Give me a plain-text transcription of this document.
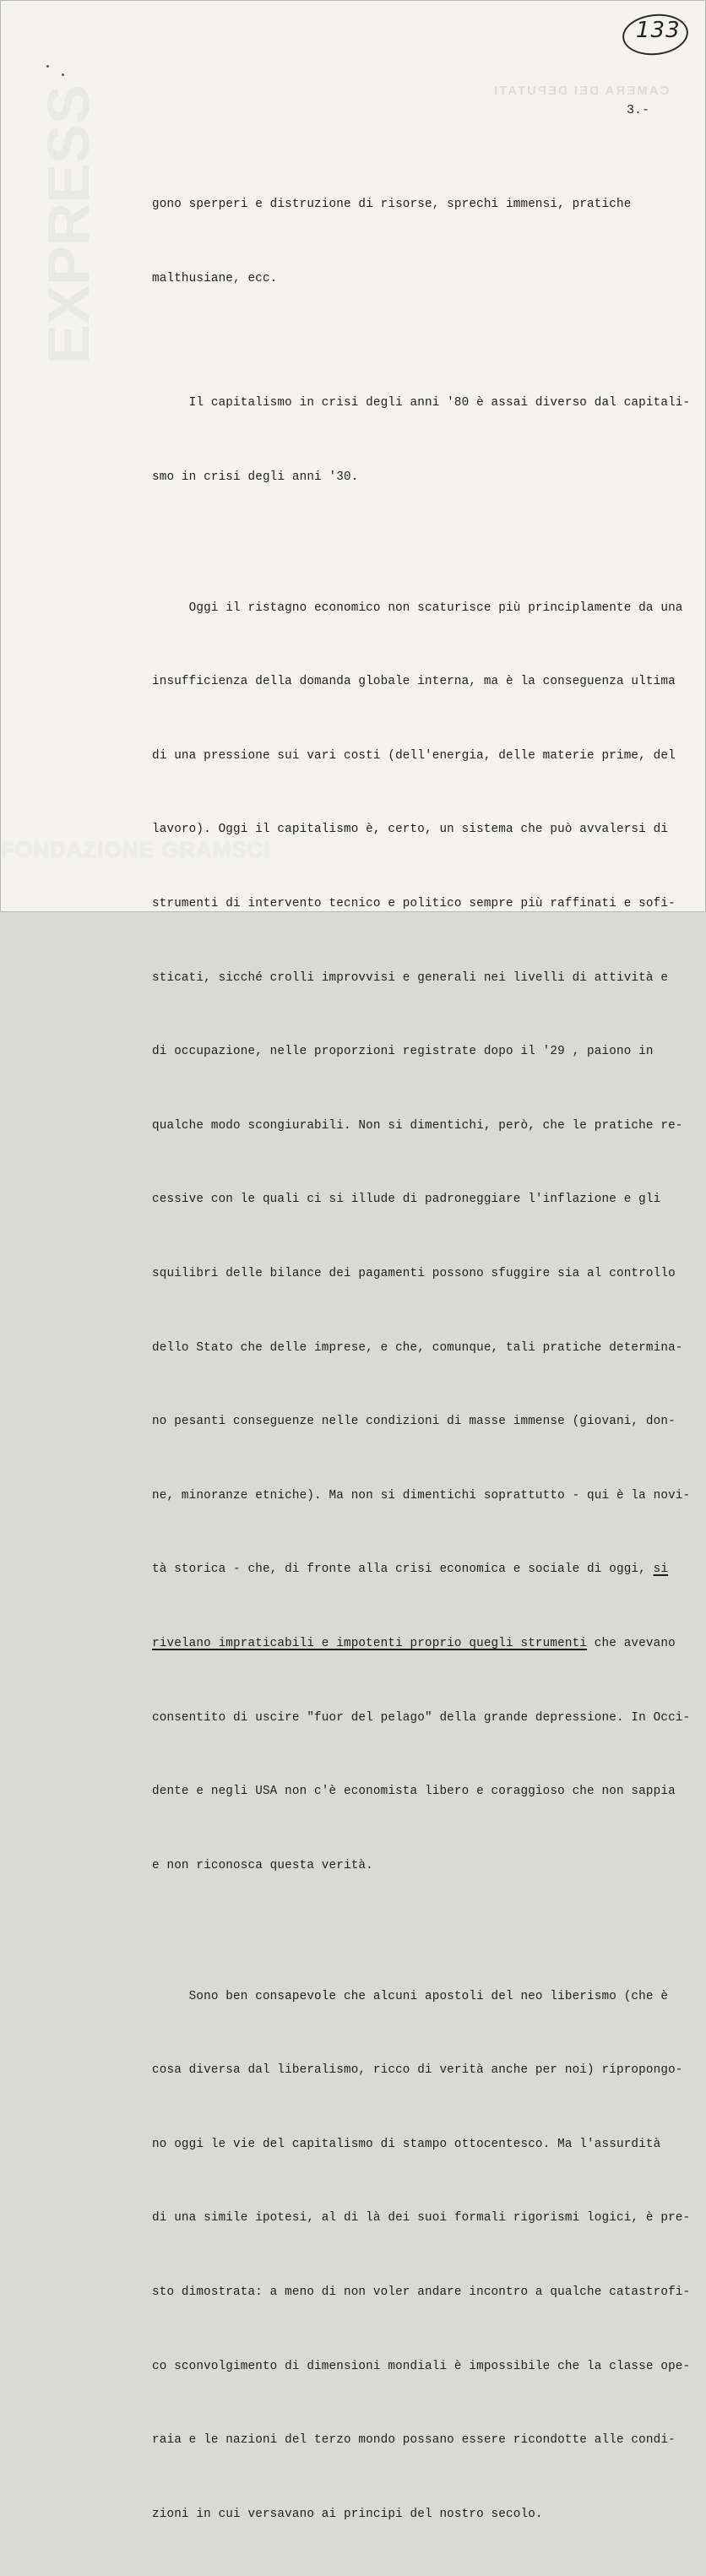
CAMERA DEI DEPUTATI
EXPRESS
FONDAZIONE GRAMSCI
133
3.-

gono sperperi e distruzione di risorse, sprechi immensi, pratiche

malthusiane, ecc.

Il capitalismo in crisi degli anni '80 è assai diverso dal capitali-

smo in crisi degli anni '30.

Oggi il ristagno economico non scaturisce più principlamente da una

insufficienza della domanda globale interna, ma è la conseguenza ultima

di una pressione sui vari costi (dell'energia, delle materie prime, del

lavoro). Oggi il capitalismo è, certo, un sistema che può avvalersi di

strumenti di intervento tecnico e politico sempre più raffinati e sofi-

sticati, sicché crolli improvvisi e generali nei livelli di attività e

di occupazione, nelle proporzioni registrate dopo il '29 , paiono in

qualche modo scongiurabili. Non si dimentichi, però, che le pratiche re-

cessive con le quali ci si illude di padroneggiare l'inflazione e gli

squilibri delle bilance dei pagamenti possono sfuggire sia al controllo

dello Stato che delle imprese, e che, comunque, tali pratiche determina-

no pesanti conseguenze nelle condizioni di masse immense (giovani, don-

ne, minoranze etniche). Ma non si dimentichi soprattutto - qui è la novi-

tà storica - che, di fronte alla crisi economica e sociale di oggi, si

rivelano impraticabili e impotenti proprio quegli strumenti che avevano

consentito di uscire "fuor del pelago" della grande depressione. In Occi-

dente e negli USA non c'è economista libero e coraggioso che non sappia

e non riconosca questa verità.

Sono ben consapevole che alcuni apostoli del neo liberismo (che è

cosa diversa dal liberalismo, ricco di verità anche per noi) ripropongo-

no oggi le vie del capitalismo di stampo ottocentesco. Ma l'assurdità

di una simile ipotesi, al di là dei suoi formali rigorismi logici, è pre-

sto dimostrata: a meno di non voler andare incontro a qualche catastrofi-

co sconvolgimento di dimensioni mondiali è impossibile che la classe ope-

raia e le nazioni del terzo mondo possano essere ricondotte alle condi-

zioni in cui versavano ai principi del nostro secolo.
